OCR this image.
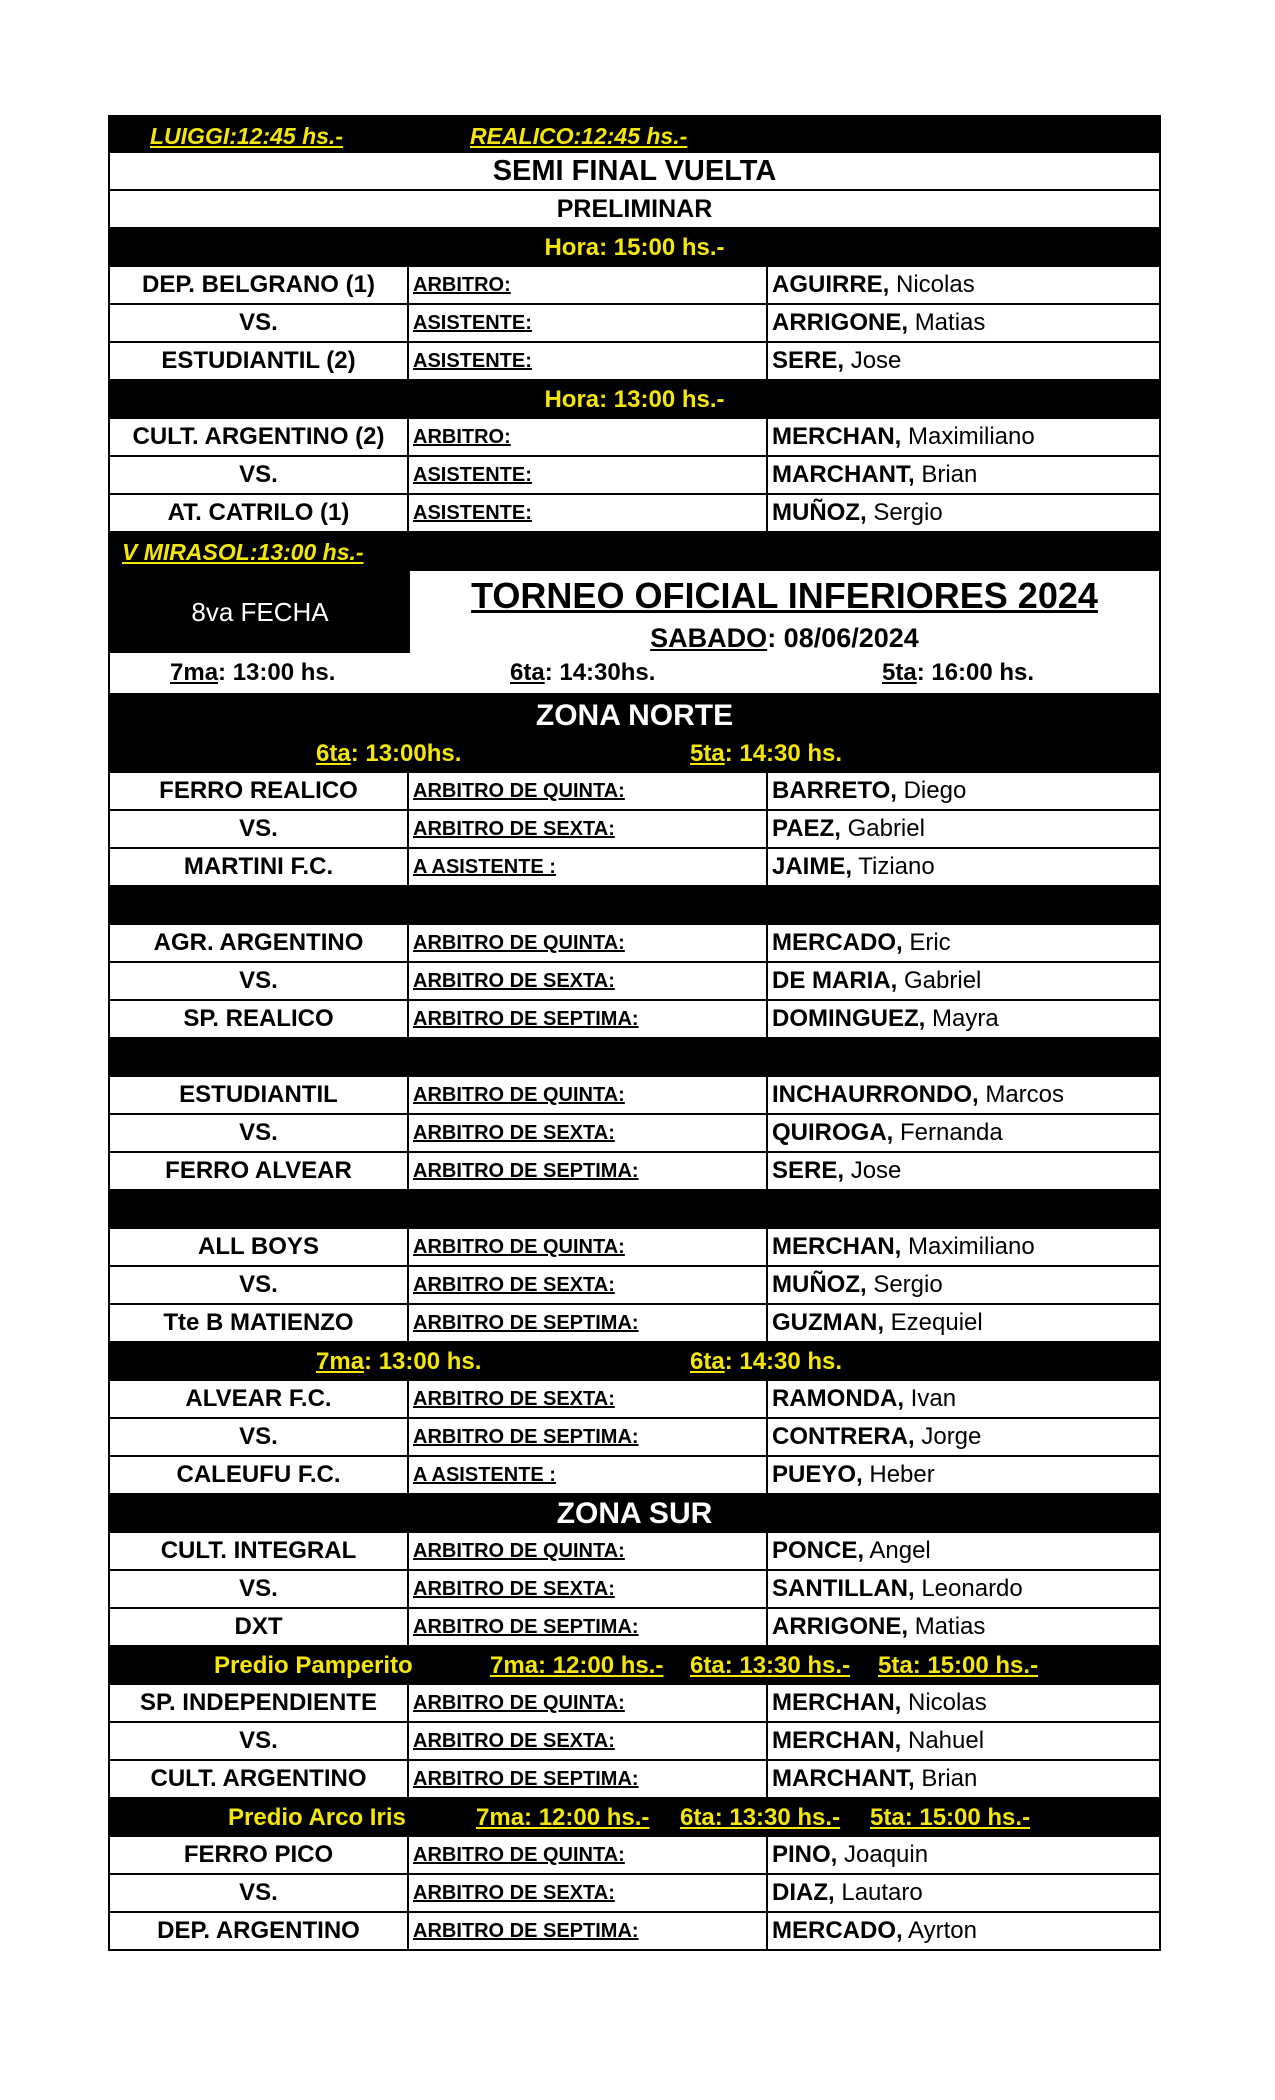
LUIGGI:12:45 hs.-	REALICO:12:45 hs.-
SEMI FINAL VUELTA
PRELIMINAR
Hora: 15:00 hs.-
DEP. BELGRANO (1)	ARBITRO:	AGUIRRE, Nicolas
VS.	ASISTENTE:	ARRIGONE, Matias
ESTUDIANTIL (2)	ASISTENTE:	SERE, Jose
Hora: 13:00 hs.-
CULT. ARGENTINO (2)	ARBITRO:	MERCHAN, Maximiliano
VS.	ASISTENTE:	MARCHANT, Brian
AT. CATRILO (1)	ASISTENTE:	MUÑOZ, Sergio
V MIRASOL:13:00 hs.-
8va FECHA	TORNEO OFICIAL INFERIORES 2024
SABADO: 08/06/2024
7ma: 13:00 hs.	6ta: 14:30hs.	5ta: 16:00 hs.
ZONA NORTE
6ta: 13:00hs.	5ta: 14:30 hs.
FERRO REALICO	ARBITRO DE QUINTA:	BARRETO, Diego
VS.	ARBITRO DE SEXTA:	PAEZ, Gabriel
MARTINI F.C.	A ASISTENTE :	JAIME, Tiziano
AGR. ARGENTINO	ARBITRO DE QUINTA:	MERCADO, Eric
VS.	ARBITRO DE SEXTA:	DE MARIA, Gabriel
SP. REALICO	ARBITRO DE SEPTIMA:	DOMINGUEZ, Mayra
ESTUDIANTIL	ARBITRO DE QUINTA:	INCHAURRONDO, Marcos
VS.	ARBITRO DE SEXTA:	QUIROGA, Fernanda
FERRO ALVEAR	ARBITRO DE SEPTIMA:	SERE, Jose
ALL BOYS	ARBITRO DE QUINTA:	MERCHAN, Maximiliano
VS.	ARBITRO DE SEXTA:	MUÑOZ, Sergio
Tte B MATIENZO	ARBITRO DE SEPTIMA:	GUZMAN, Ezequiel
7ma: 13:00 hs.	6ta: 14:30 hs.
ALVEAR F.C.	ARBITRO DE SEXTA:	RAMONDA, Ivan
VS.	ARBITRO DE SEPTIMA:	CONTRERA, Jorge
CALEUFU F.C.	A ASISTENTE :	PUEYO, Heber
ZONA SUR
CULT. INTEGRAL	ARBITRO DE QUINTA:	PONCE, Angel
VS.	ARBITRO DE SEXTA:	SANTILLAN, Leonardo
DXT	ARBITRO DE SEPTIMA:	ARRIGONE, Matias
Predio Pamperito	7ma: 12:00 hs.- 6ta: 13:30 hs.- 5ta: 15:00 hs.-
SP. INDEPENDIENTE	ARBITRO DE QUINTA:	MERCHAN, Nicolas
VS.	ARBITRO DE SEXTA:	MERCHAN, Nahuel
CULT. ARGENTINO	ARBITRO DE SEPTIMA:	MARCHANT, Brian
Predio Arco Iris	7ma: 12:00 hs.- 6ta: 13:30 hs.- 5ta: 15:00 hs.-
FERRO PICO	ARBITRO DE QUINTA:	PINO, Joaquin
VS.	ARBITRO DE SEXTA:	DIAZ, Lautaro
DEP. ARGENTINO	ARBITRO DE SEPTIMA:	MERCADO, Ayrton
